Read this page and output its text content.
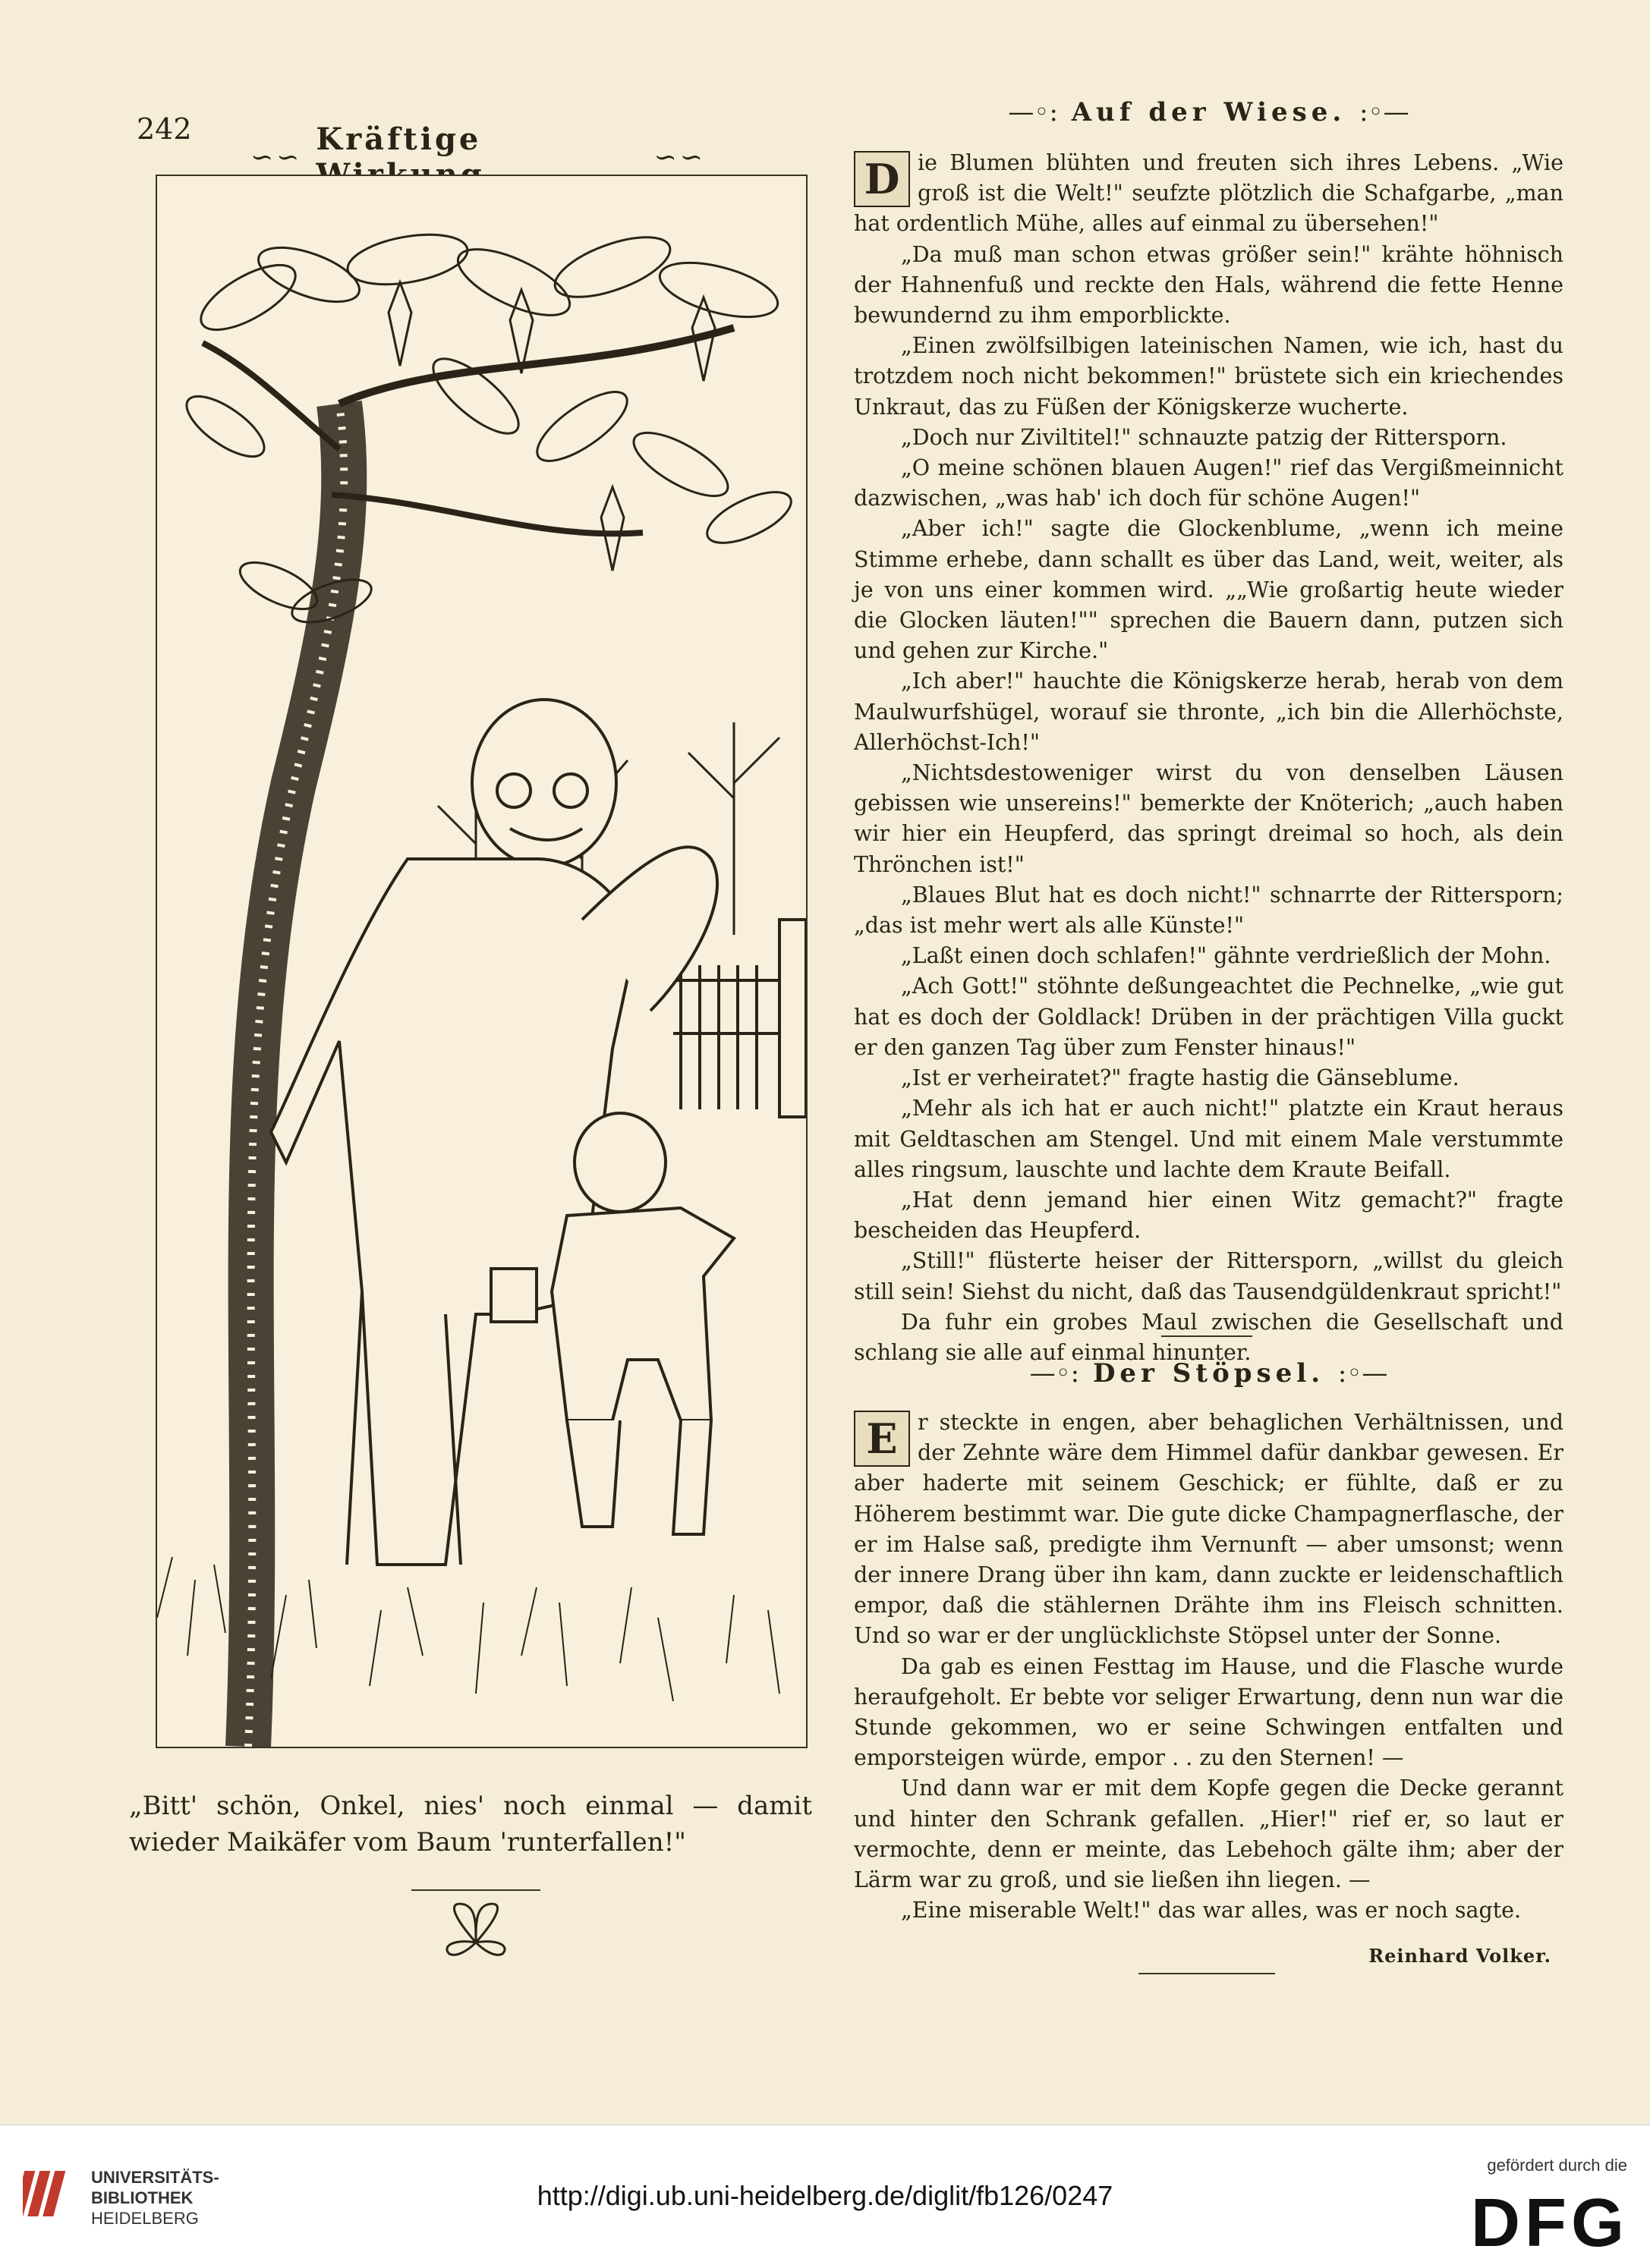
242
∽∽ Kräftige	∽∽
„Bitt' schön, Onkel, nies' noch einmal — damit wieder Maikäfer vom Baum 'runterfallen!"
—◦: Auf der Wiese. :◦—

D ie Blumen blühten und freuten sich ihres Lebens. „Wie groß ist die Welt!" seufzte plötzlich die Schafgarbe, „man hat ordentlich Mühe, alles auf einmal zu übersehen!"

„Da muß man schon etwas größer sein!" krähte höhnisch der Hahnenfuß und reckte den Hals, während die fette Henne bewundernd zu ihm emporblickte.

„Einen zwölfsilbigen lateinischen Namen, wie ich, hast du trotzdem noch nicht bekommen!" brüstete sich ein kriechendes Unkraut, das zu Füßen der Königskerze wucherte.

„Doch nur Ziviltitel!" schnauzte patzig der Rittersporn.

„O meine schönen blauen Augen!" rief das Vergißmeinnicht dazwischen, „was hab' ich doch für schöne Augen!"

„Aber ich!" sagte die Glockenblume, „wenn ich meine Stimme erhebe, dann schallt es über das Land, weit, weiter, als je von uns einer kommen wird. „„Wie großartig heute wieder die Glocken läuten!"" sprechen die Bauern dann, putzen sich und gehen zur Kirche."

„Ich aber!" hauchte die Königskerze herab, herab von dem Maulwurfshügel, worauf sie thronte, „ich bin die Allerhöchste, Allerhöchst-Ich!"

„Nichtsdestoweniger wirst du von denselben Läusen gebissen wie unsereins!" bemerkte der Knöterich; „auch haben wir hier ein Heupferd, das springt dreimal so hoch, als dein Thrönchen ist!"

„Blaues Blut hat es doch nicht!" schnarrte der Rittersporn; „das ist mehr wert als alle Künste!"

„Laßt einen doch schlafen!" gähnte verdrießlich der Mohn.

„Ach Gott!" stöhnte deßungeachtet die Pechnelke, „wie gut hat es doch der Goldlack! Drüben in der prächtigen Villa guckt er den ganzen Tag über zum Fenster hinaus!"

„Ist er verheiratet?" fragte hastig die Gänseblume.

„Mehr als ich hat er auch nicht!" platzte ein Kraut heraus mit Geldtaschen am Stengel. Und mit einem Male verstummte alles ringsum, lauschte und lachte dem Kraute Beifall.

„Hat denn jemand hier einen Witz gemacht?" fragte bescheiden das Heupferd.

„Still!" flüsterte heiser der Rittersporn, „willst du gleich still sein! Siehst du nicht, daß das Tausendgüldenkraut spricht!"

Da fuhr ein grobes Maul zwischen die Gesellschaft und schlang sie alle auf einmal hinunter.

—◦: Der Stöpsel. :◦—

E r steckte in engen, aber behaglichen Verhältnissen, und der Zehnte wäre dem Himmel dafür dankbar gewesen. Er aber haderte mit seinem Geschick; er fühlte, daß er zu Höherem bestimmt war. Die gute dicke Champagnerflasche, der er im Halse saß, predigte ihm Vernunft — aber umsonst; wenn der innere Drang über ihn kam, dann zuckte er leidenschaftlich empor, daß die stählernen Drähte ihm ins Fleisch schnitten. Und so war er der unglücklichste Stöpsel unter der Sonne.

Da gab es einen Festtag im Hause, und die Flasche wurde heraufgeholt. Er bebte vor seliger Erwartung, denn nun war die Stunde gekommen, wo er seine Schwingen entfalten und emporsteigen würde, empor . . zu den Sternen! —

Und dann war er mit dem Kopfe gegen die Decke gerannt und hinter den Schrank gefallen. „Hier!" rief er, so laut er vermochte, denn er meinte, das Lebehoch gälte ihm; aber der Lärm war zu groß, und sie ließen ihn liegen. —

„Eine miserable Welt!" das war alles, was er noch sagte.

Reinhard Volker.
UNIVERSITÄTS-
BIBLIOTHEK
HEIDELBERG
http://digi.ub.uni-heidelberg.de/diglit/fb126/0247
gefördert durch die
DFG
